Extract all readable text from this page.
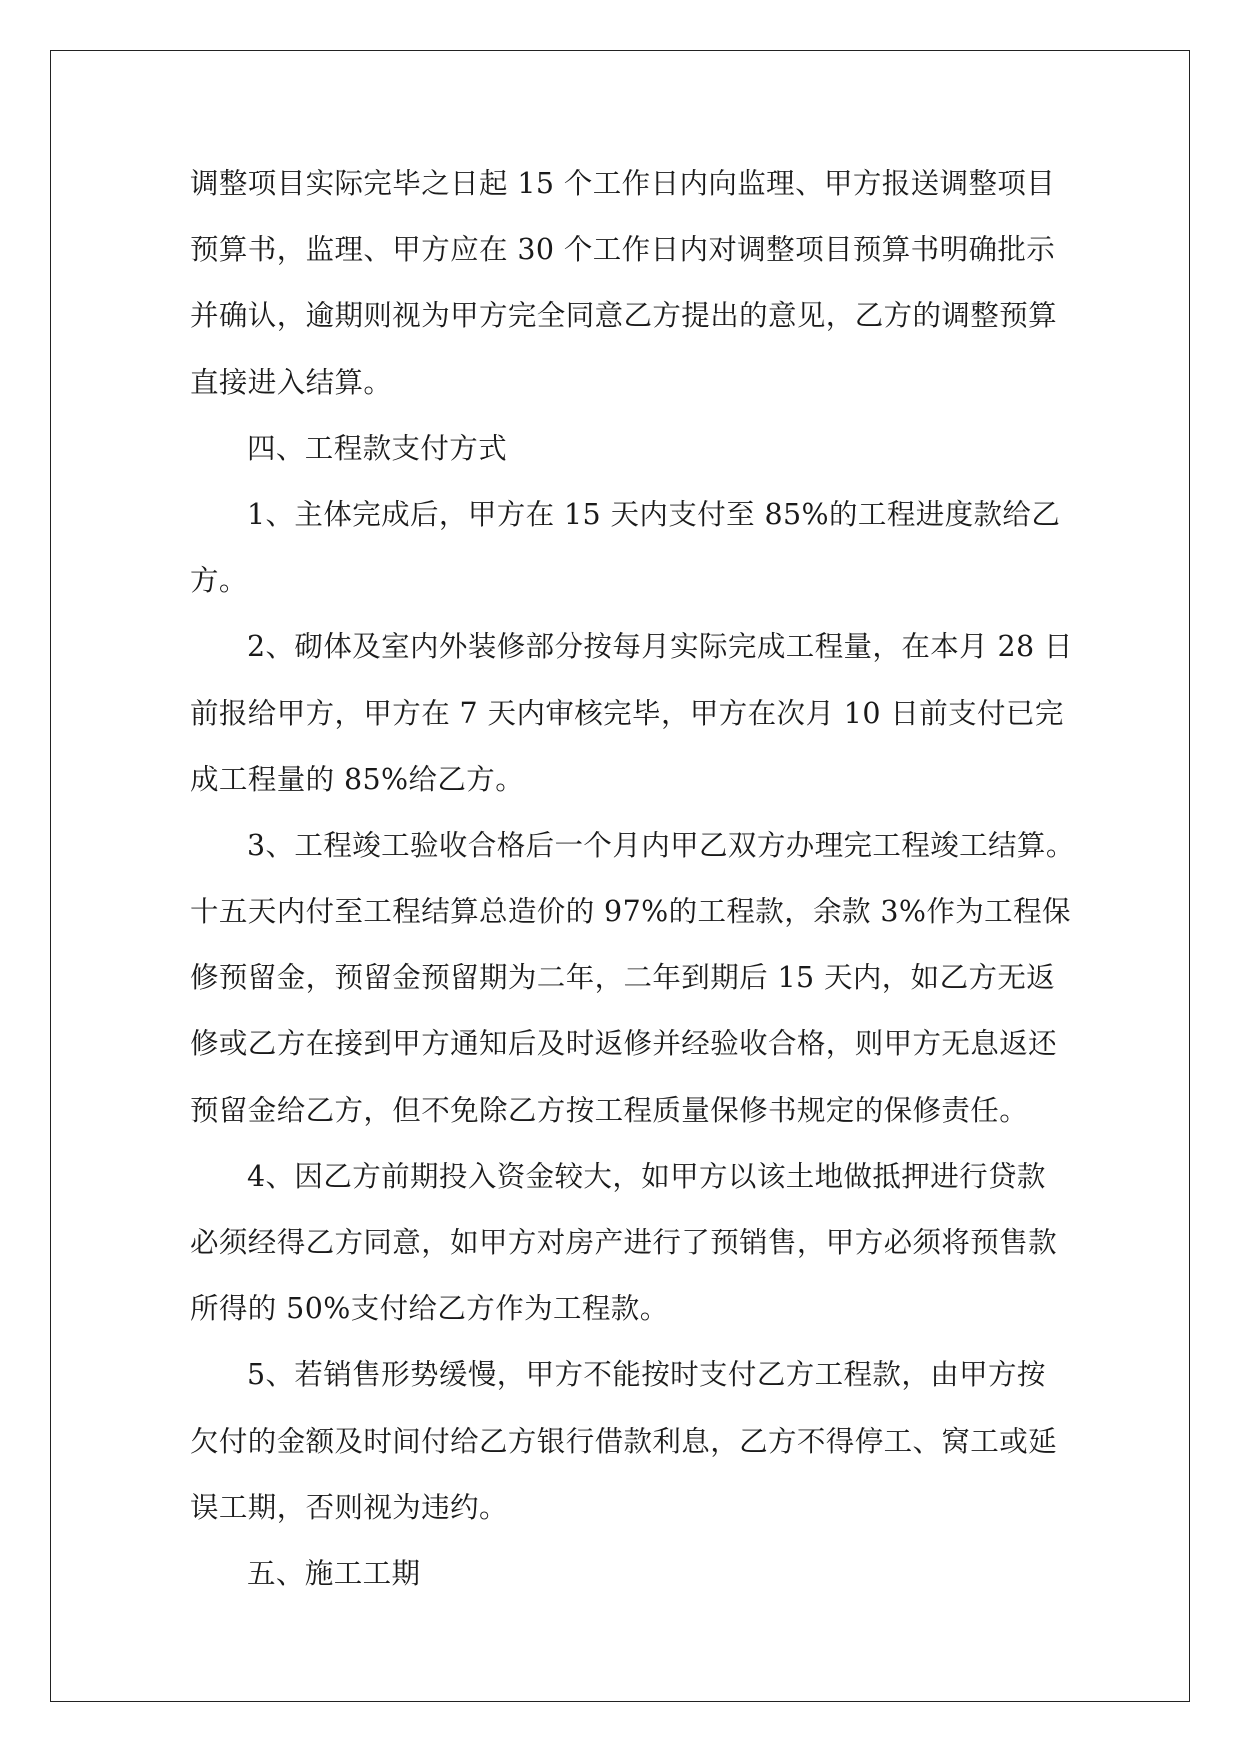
调整项目实际完毕之日起 15 个工作日内向监理、甲方报送调整项目
预算书，监理、甲方应在 30 个工作日内对调整项目预算书明确批示
并确认，逾期则视为甲方完全同意乙方提出的意见，乙方的调整预算
直接进入结算。
四、工程款支付方式
1、主体完成后，甲方在 15 天内支付至 85%的工程进度款给乙
方。
2、砌体及室内外装修部分按每月实际完成工程量，在本月 28 日
前报给甲方，甲方在 7 天内审核完毕，甲方在次月 10 日前支付已完
成工程量的 85%给乙方。
3、工程竣工验收合格后一个月内甲乙双方办理完工程竣工结算。
十五天内付至工程结算总造价的 97%的工程款，余款 3%作为工程保
修预留金，预留金预留期为二年，二年到期后 15 天内，如乙方无返
修或乙方在接到甲方通知后及时返修并经验收合格，则甲方无息返还
预留金给乙方，但不免除乙方按工程质量保修书规定的保修责任。
4、因乙方前期投入资金较大，如甲方以该土地做抵押进行贷款
必须经得乙方同意，如甲方对房产进行了预销售，甲方必须将预售款
所得的 50%支付给乙方作为工程款。
5、若销售形势缓慢，甲方不能按时支付乙方工程款，由甲方按
欠付的金额及时间付给乙方银行借款利息，乙方不得停工、窝工或延
误工期，否则视为违约。
五、施工工期
